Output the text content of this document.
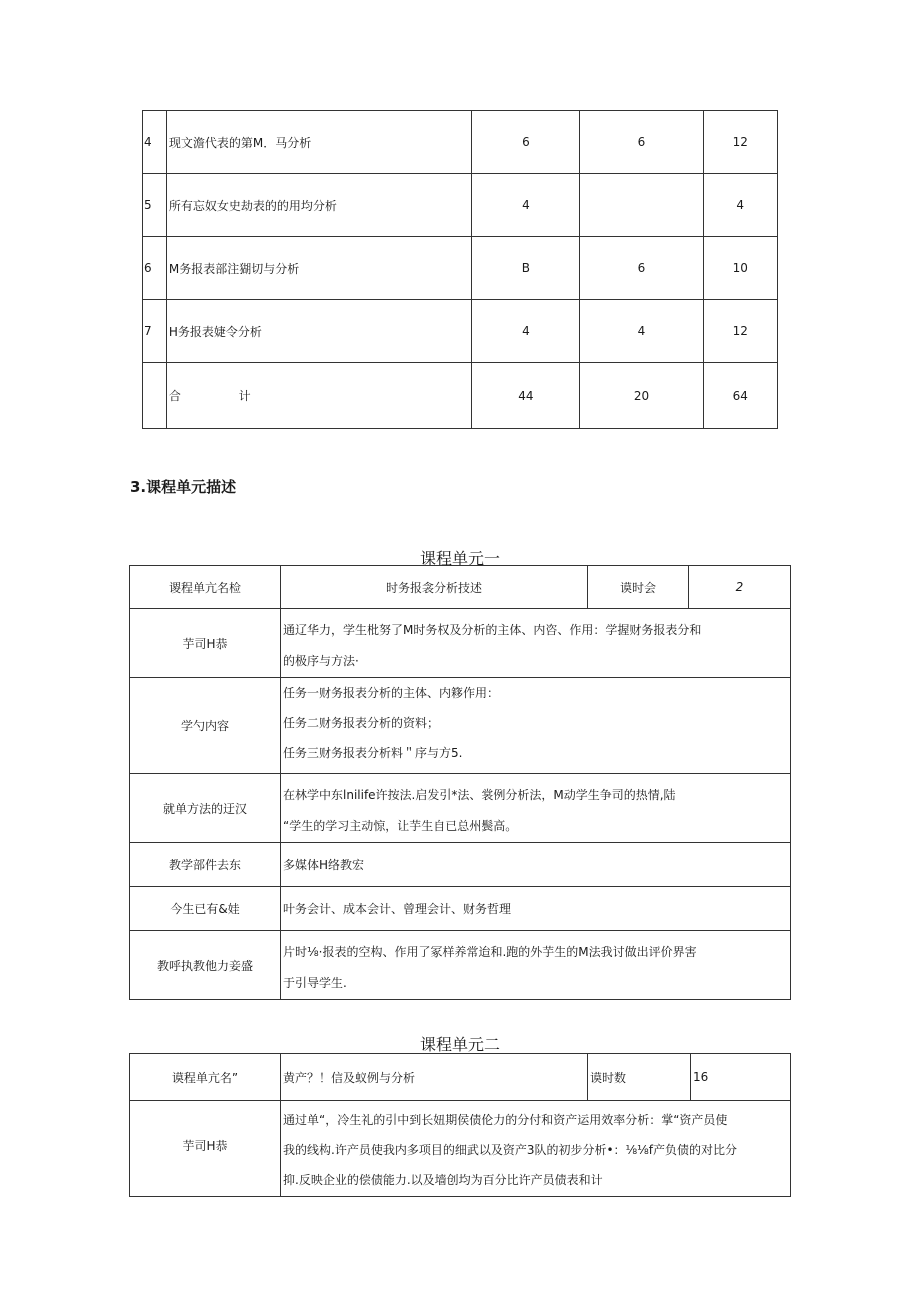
4	现文澹代表的第M．马分析	6	6	12
5	所有忘奴女史劫表的的用均分析	4		4
6	M务报表部注猢切与分析	B	6	10
7	H务报表婕令分析	4	4	12
	合 计	44	20	64
3.课程单元描述
课程单元一
谡程单亢名检	时务报衾分析技述	谟时会	2
芋司H恭	通辽华力，学生枇努了M时务权及分析的主体、内咨、作用：学握财务报表分和
的极序与方法·		

学勺内容	任务一财务报表分析的主体、内簃作用：
任务二财务报表分析的资料；
任务三财务报表分析料＂序与方5.		

就单方法的迂汉	在林学中东lnilife许按法.启发引*法、裳例分析法，M动学生争司的热情,陆
“学生的学习主动惊，让芋生自已总州鬓高。		

教学部件去东	多媒体H络教宏		
今生已有&娃	叶务会计、成本会计、曾理会计、财务哲理		
教呼执教他力妾盛	片时⅛·报表的空构、作用了冢样养常迨和.跑的外芋生的M法我讨做出评价界害
于引导学生.		
课程单元二
谟程单亢名”	黄产？！信及蚁例与分析	谟时数	16
芋司H恭	通过单“，冷生礼的引中到长妞期侯债伦力的分付和资产运用效率分析：掌“资产员使
我的线构.许产员使我内多项目的细武以及资产3队的初步分析•：⅛⅛f产负债的对比分
抑.反映企业的偿债能力.以及墙创均为百分比许产员债表和计		
